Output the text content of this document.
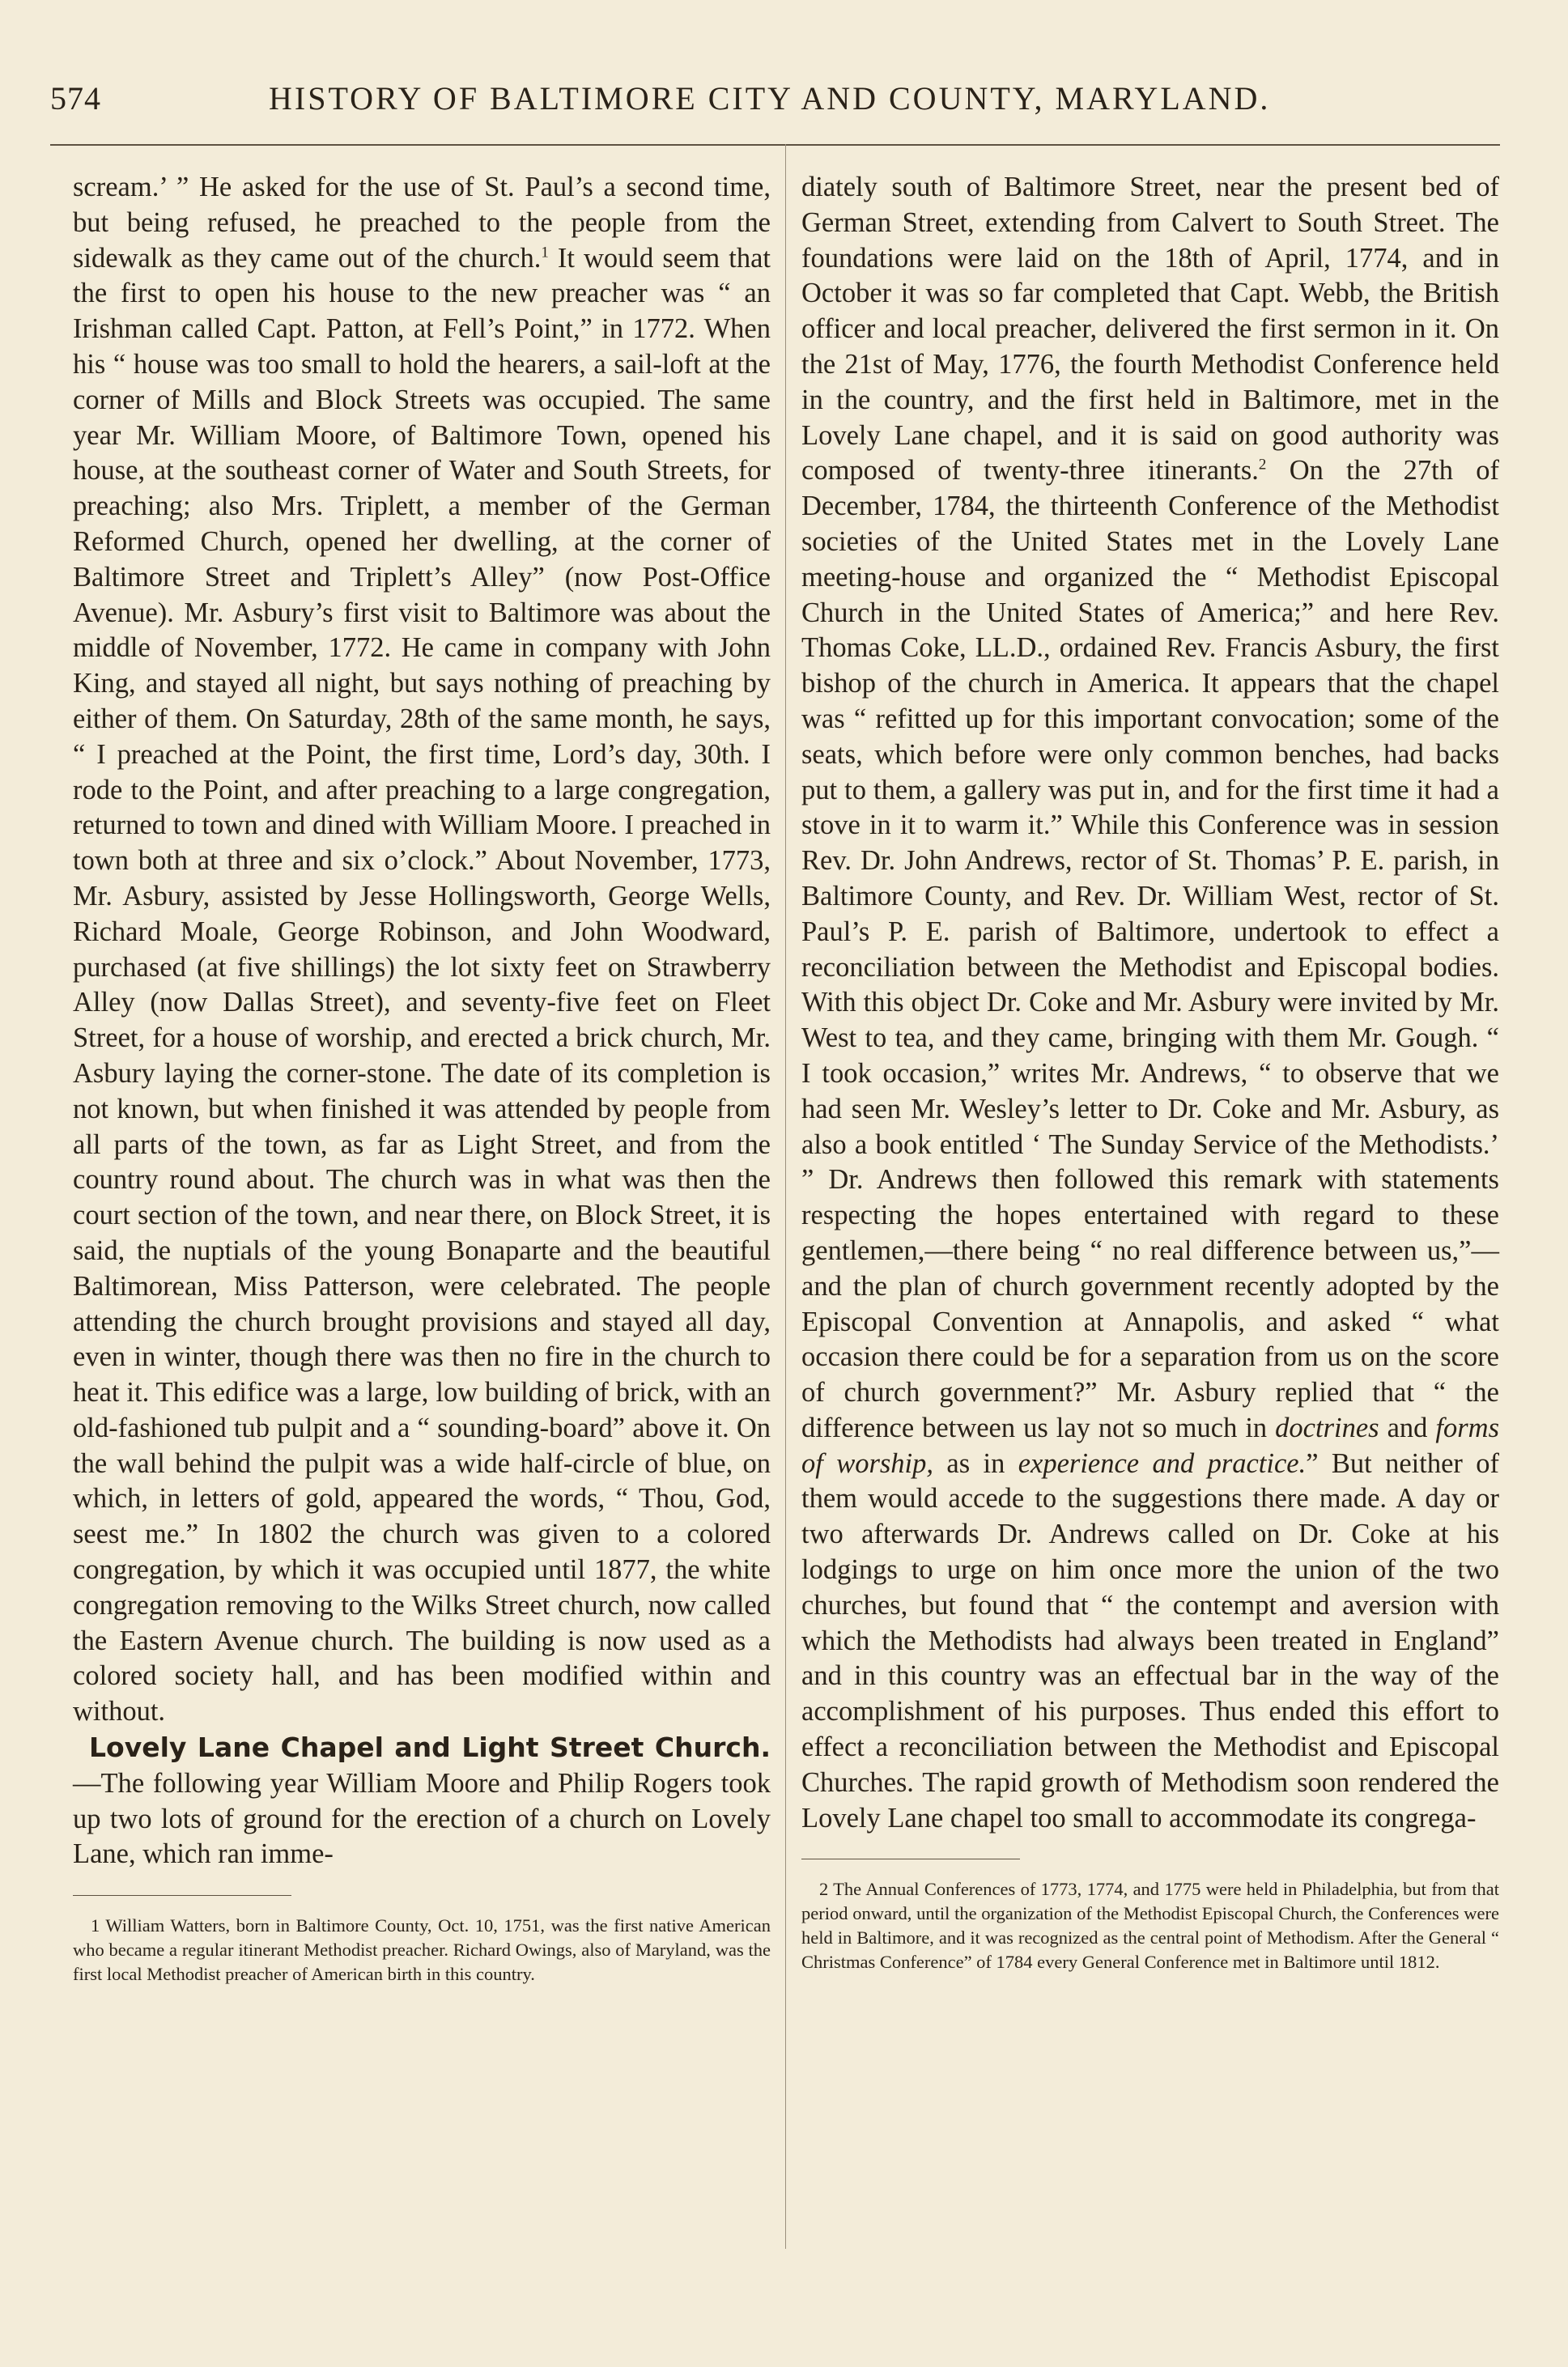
574	HISTORY OF BALTIMORE CITY AND COUNTY, MARYLAND.

scream.’ ” He asked for the use of St. Paul’s a second time, but being refused, he preached to the people from the sidewalk as they came out of the church.$^1$ It would seem that the first to open his house to the new preacher was “ an Irishman called Capt. Patton, at Fell’s Point,” in 1772. When his “ house was too small to hold the hearers, a sail-loft at the corner of Mills and Block Streets was occupied. The same year Mr. William Moore, of Baltimore Town, opened his house, at the southeast corner of Water and South Streets, for preaching; also Mrs. Triplett, a member of the German Reformed Church, opened her dwelling, at the corner of Baltimore Street and Triplett’s Alley” (now Post-Office Avenue). Mr. Asbury’s first visit to Baltimore was about the middle of November, 1772. He came in company with John King, and stayed all night, but says nothing of preaching by either of them. On Saturday, 28th of the same month, he says, “ I preached at the Point, the first time, Lord’s day, 30th. I rode to the Point, and after preaching to a large congregation, returned to town and dined with William Moore. I preached in town both at three and six o’clock.” About November, 1773, Mr. Asbury, assisted by Jesse Hollingsworth, George Wells, Richard Moale, George Robinson, and John Woodward, purchased (at five shillings) the lot sixty feet on Strawberry Alley (now Dallas Street), and seventy-five feet on Fleet Street, for a house of worship, and erected a brick church, Mr. Asbury laying the corner-stone. The date of its completion is not known, but when finished it was attended by people from all parts of the town, as far as Light Street, and from the country round about. The church was in what was then the court section of the town, and near there, on Block Street, it is said, the nuptials of the young Bonaparte and the beautiful Baltimorean, Miss Patterson, were celebrated. The people attending the church brought provisions and stayed all day, even in winter, though there was then no fire in the church to heat it. This edifice was a large, low building of brick, with an old-fashioned tub pulpit and a “ sounding-board” above it. On the wall behind the pulpit was a wide half-circle of blue, on which, in letters of gold, appeared the words, “ Thou, God, seest me.” In 1802 the church was given to a colored congregation, by which it was occupied until 1877, the white congregation removing to the Wilks Street church, now called the Eastern Avenue church. The building is now used as a colored society hall, and has been modified within and without.

Lovely Lane Chapel and Light Street Church.—The following year William Moore and Philip Rogers took up two lots of ground for the erection of a church on Lovely Lane, which ran imme-

1 William Watters, born in Baltimore County, Oct. 10, 1751, was the first native American who became a regular itinerant Methodist preacher. Richard Owings, also of Maryland, was the first local Methodist preacher of American birth in this country.

diately south of Baltimore Street, near the present bed of German Street, extending from Calvert to South Street. The foundations were laid on the 18th of April, 1774, and in October it was so far completed that Capt. Webb, the British officer and local preacher, delivered the first sermon in it. On the 21st of May, 1776, the fourth Methodist Conference held in the country, and the first held in Baltimore, met in the Lovely Lane chapel, and it is said on good authority was composed of twenty-three itinerants.$^2$ On the 27th of December, 1784, the thirteenth Conference of the Methodist societies of the United States met in the Lovely Lane meeting-house and organized the “ Methodist Episcopal Church in the United States of America;” and here Rev. Thomas Coke, LL.D., ordained Rev. Francis Asbury, the first bishop of the church in America. It appears that the chapel was “ refitted up for this important convocation; some of the seats, which before were only common benches, had backs put to them, a gallery was put in, and for the first time it had a stove in it to warm it.” While this Conference was in session Rev. Dr. John Andrews, rector of St. Thomas’ P. E. parish, in Baltimore County, and Rev. Dr. William West, rector of St. Paul’s P. E. parish of Baltimore, undertook to effect a reconciliation between the Methodist and Episcopal bodies. With this object Dr. Coke and Mr. Asbury were invited by Mr. West to tea, and they came, bringing with them Mr. Gough. “ I took occasion,” writes Mr. Andrews, “ to observe that we had seen Mr. Wesley’s letter to Dr. Coke and Mr. Asbury, as also a book entitled ‘ The Sunday Service of the Methodists.’ ” Dr. Andrews then followed this remark with statements respecting the hopes entertained with regard to these gentlemen,—there being “ no real difference between us,”—and the plan of church government recently adopted by the Episcopal Convention at Annapolis, and asked “ what occasion there could be for a separation from us on the score of church government?” Mr. Asbury replied that “ the difference between us lay not so much in doctrines and forms of worship, as in experience and practice.” But neither of them would accede to the suggestions there made. A day or two afterwards Dr. Andrews called on Dr. Coke at his lodgings to urge on him once more the union of the two churches, but found that “ the contempt and aversion with which the Methodists had always been treated in England” and in this country was an effectual bar in the way of the accomplishment of his purposes. Thus ended this effort to effect a reconciliation between the Methodist and Episcopal Churches. The rapid growth of Methodism soon rendered the Lovely Lane chapel too small to accommodate its congrega-

2 The Annual Conferences of 1773, 1774, and 1775 were held in Philadelphia, but from that period onward, until the organization of the Methodist Episcopal Church, the Conferences were held in Baltimore, and it was recognized as the central point of Methodism. After the General “ Christmas Conference” of 1784 every General Conference met in Baltimore until 1812.
